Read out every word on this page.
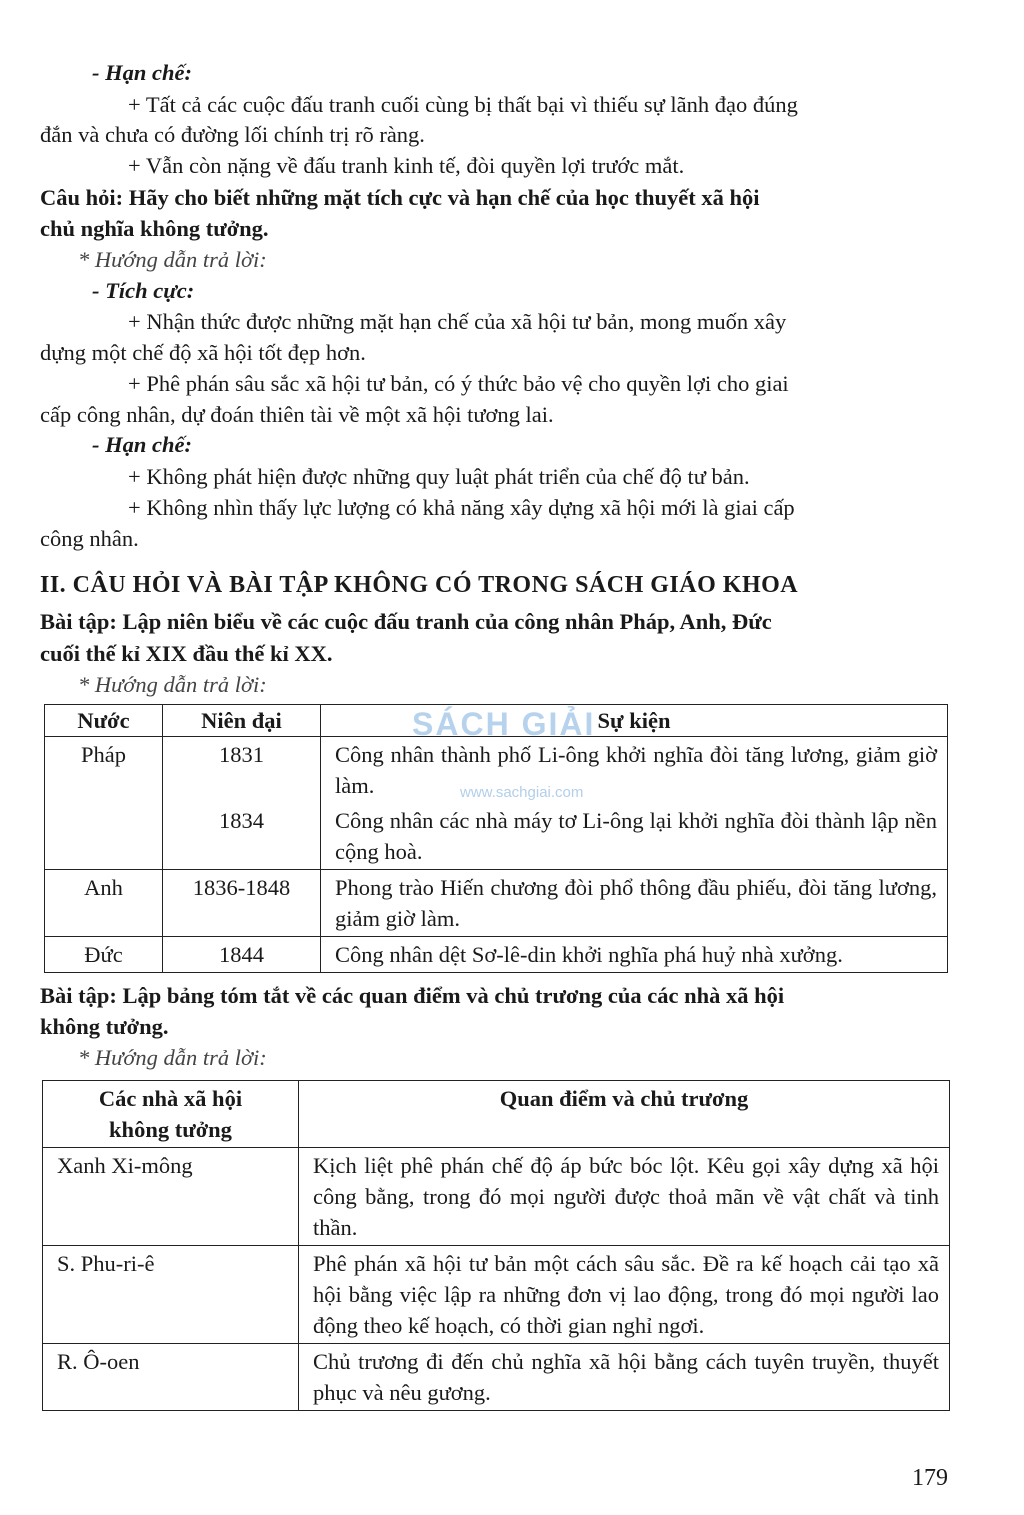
- Hạn chế:
+ Tất cả các cuộc đấu tranh cuối cùng bị thất bại vì thiếu sự lãnh đạo đúng
đắn và chưa có đường lối chính trị rõ ràng.
+ Vẫn còn nặng về đấu tranh kinh tế, đòi quyền lợi trước mắt.
Câu hỏi: Hãy cho biết những mặt tích cực và hạn chế của học thuyết xã hội
chủ nghĩa không tưởng.
* Hướng dẫn trả lời:
- Tích cực:
+ Nhận thức được những mặt hạn chế của xã hội tư bản, mong muốn xây
dựng một chế độ xã hội tốt đẹp hơn.
+ Phê phán sâu sắc xã hội tư bản, có ý thức bảo vệ cho quyền lợi cho giai
cấp công nhân, dự đoán thiên tài về một xã hội tương lai.
- Hạn chế:
+ Không phát hiện được những quy luật phát triển của chế độ tư bản.
+ Không nhìn thấy lực lượng có khả năng xây dựng xã hội mới là giai cấp
công nhân.
II. CÂU HỎI VÀ BÀI TẬP KHÔNG CÓ TRONG SÁCH GIÁO KHOA
Bài tập: Lập niên biểu về các cuộc đấu tranh của công nhân Pháp, Anh, Đức
cuối thế kỉ XIX đầu thế kỉ XX.
* Hướng dẫn trả lời:
Nước	Niên đại	Sự kiện
Pháp	1831	Công nhân thành phố Li-ông khởi nghĩa đòi tăng lương, giảm giờ làm.
	1834	Công nhân các nhà máy tơ Li-ông lại khởi nghĩa đòi thành lập nền cộng hoà.
Anh	1836-1848	Phong trào Hiến chương đòi phổ thông đầu phiếu, đòi tăng lương, giảm giờ làm.
Đức	1844	Công nhân dệt Sơ-lê-din khởi nghĩa phá huỷ nhà xưởng.
SÁCH GIẢI
www.sachgiai.com
Bài tập: Lập bảng tóm tắt về các quan điểm và chủ trương của các nhà xã hội
không tưởng.
* Hướng dẫn trả lời:
Các nhà xã hội
không tưởng	Quan điểm và chủ trương
Xanh Xi-mông	Kịch liệt phê phán chế độ áp bức bóc lột. Kêu gọi xây dựng xã hội công bằng, trong đó mọi người được thoả mãn về vật chất và tinh thần.
S. Phu-ri-ê	Phê phán xã hội tư bản một cách sâu sắc. Đề ra kế hoạch cải tạo xã hội bằng việc lập ra những đơn vị lao động, trong đó mọi người lao động theo kế hoạch, có thời gian nghỉ ngơi.
R. Ô-oen	Chủ trương đi đến chủ nghĩa xã hội bằng cách tuyên truyền, thuyết phục và nêu gương.
179
